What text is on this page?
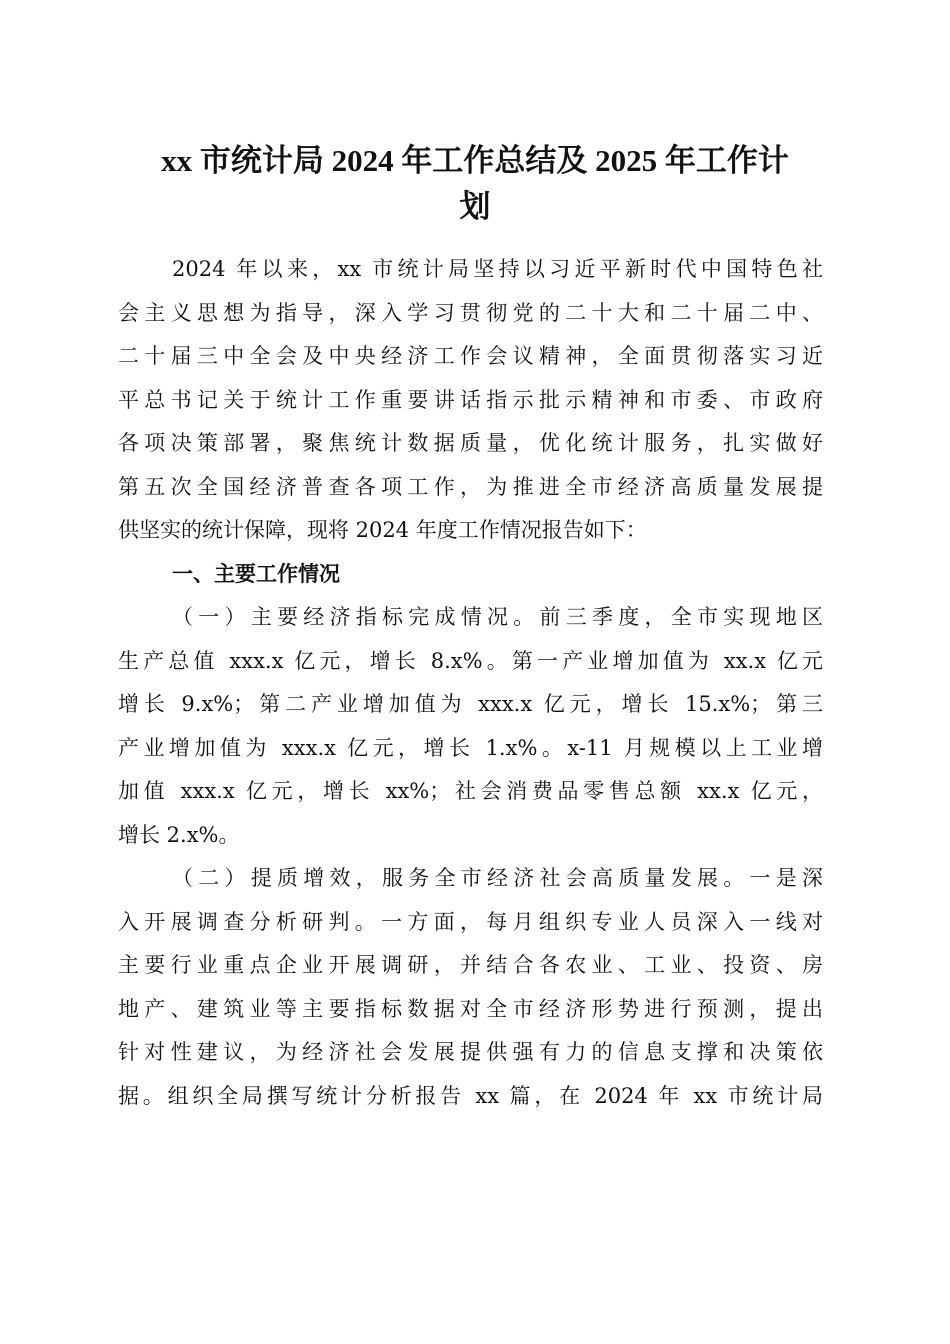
xx 市统计局 2024 年工作总结及 2025 年工作计
划
2024 年以来，xx 市统计局坚持以习近平新时代中国特色社
会主义思想为指导，深入学习贯彻党的二十大和二十届二中、
二十届三中全会及中央经济工作会议精神，全面贯彻落实习近
平总书记关于统计工作重要讲话指示批示精神和市委、市政府
各项决策部署，聚焦统计数据质量，优化统计服务，扎实做好
第五次全国经济普查各项工作，为推进全市经济高质量发展提
供坚实的统计保障，现将 2024 年度工作情况报告如下：
一、主要工作情况
（一）主要经济指标完成情况。前三季度，全市实现地区
生产总值 xxx.x 亿元，增长 8.x%。第一产业增加值为 xx.x 亿元
增长 9.x%；第二产业增加值为 xxx.x 亿元，增长 15.x%；第三
产业增加值为 xxx.x 亿元，增长 1.x%。x-11 月规模以上工业增
加值 xxx.x 亿元，增长 xx%；社会消费品零售总额 xx.x 亿元，
增长 2.x%。
（二）提质增效，服务全市经济社会高质量发展。一是深
入开展调查分析研判。一方面，每月组织专业人员深入一线对
主要行业重点企业开展调研，并结合各农业、工业、投资、房
地产、建筑业等主要指标数据对全市经济形势进行预测，提出
针对性建议，为经济社会发展提供强有力的信息支撑和决策依
据。组织全局撰写统计分析报告 xx 篇，在 2024 年 xx 市统计局
